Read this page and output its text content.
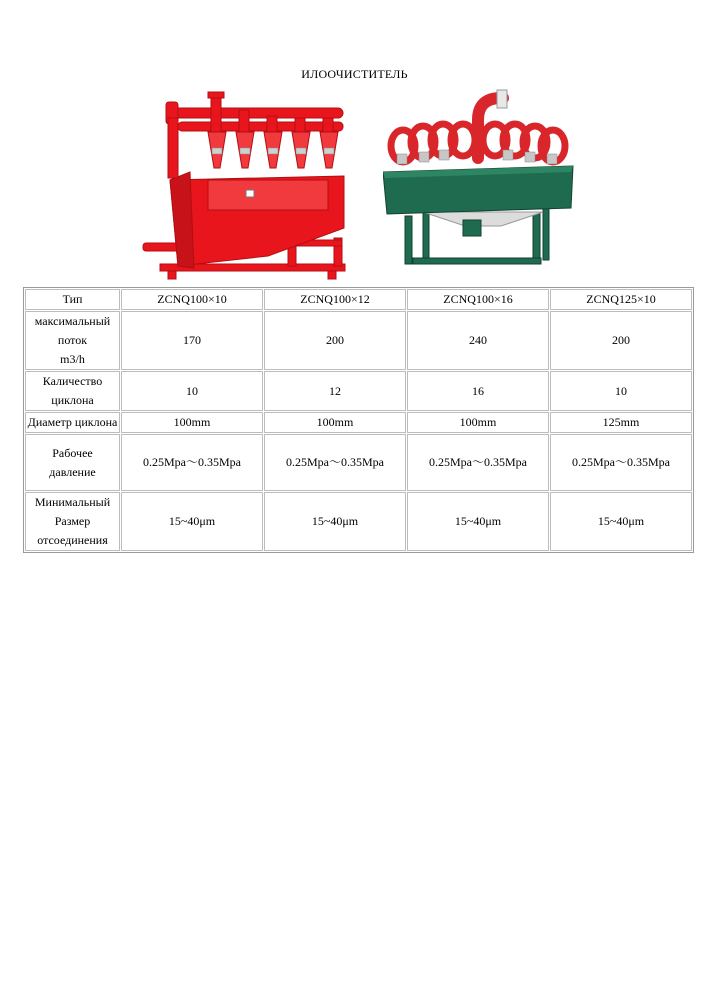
ИЛООЧИСТИТЕЛЬ
Тип	ZCNQ100×10	ZCNQ100×12	ZCNQ100×16	ZCNQ125×10
максимальный
поток
m3/h	170	200	240	200
Каличество
циклона	10	12	16	10
Диаметр циклона	100mm	100mm	100mm	125mm
Рабочее
давление	0.25Mpa～0.35Mpa	0.25Mpa～0.35Mpa	0.25Mpa～0.35Mpa	0.25Mpa～0.35Mpa
Минимальный
Размер
отсоединения	15~40μm	15~40μm	15~40μm	15~40μm
